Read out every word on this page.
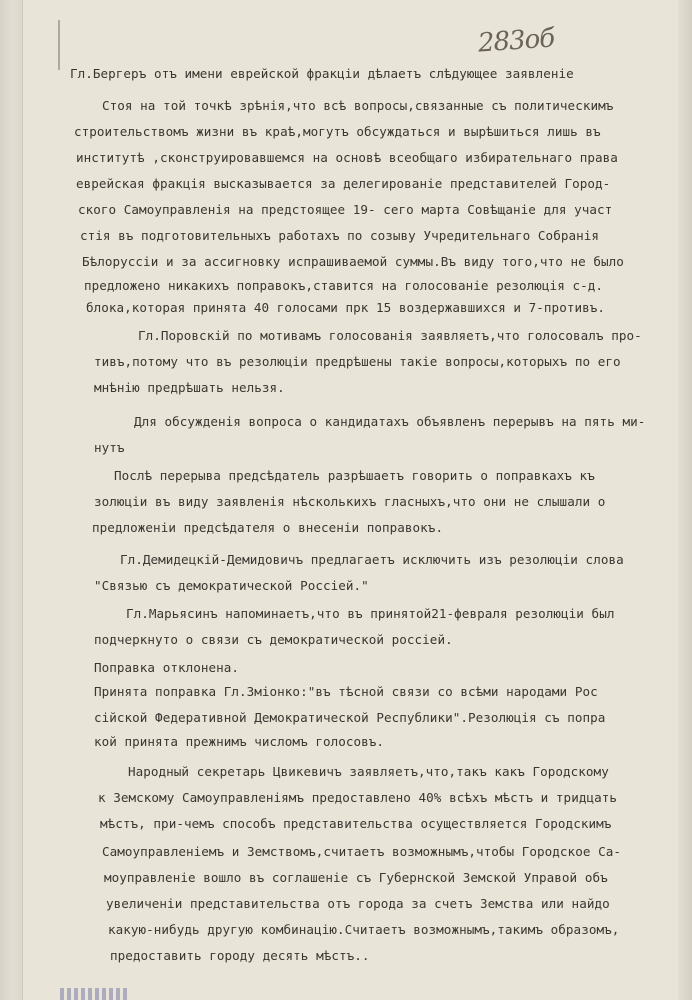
283об
Гл.Бергеръ отъ имени еврейской фракціи дѣлаетъ слѣдующее заявленіе
Стоя на той точкѣ зрѣнія,что всѣ вопросы,связанные съ политическимъ
строительствомъ жизни въ краѣ,могутъ обсуждаться и вырѣшиться лишь въ
институтѣ ,сконструировавшемся на основѣ всеобщаго избирательнаго права
еврейская фракція высказывается за делегированіе представителей Город-
ского Самоуправленія на предстоящее 19- сего марта Совѣщаніе для участ
стія въ подготовительныхъ работахъ по созыву Учредительнаго Собранія
Бѣлоруссіи и за ассигновку испрашиваемой суммы.Въ виду того,что не было
предложено никакихъ поправокъ,ставится на голосованіе резолюція с-д.
блока,которая принята 40 голосами прк 15 воздержавшихся и 7-противъ.
Гл.Поровскій по мотивамъ голосованія заявляетъ,что голосовалъ про-
тивъ,потому что въ резолюціи предрѣшены такіе вопросы,которыхъ по его
мнѣнію предрѣшать нельзя.
Для обсужденія вопроса о кандидатахъ объявленъ перерывъ на пять ми-
нутъ
Послѣ перерыва предсѣдатель разрѣшаетъ говорить о поправкахъ къ
золюціи въ виду заявленія нѣсколькихъ гласныхъ,что они не слышали о
предложеніи предсѣдателя о внесеніи поправокъ.
Гл.Демидецкій-Демидовичъ предлагаетъ исключить изъ резолюціи слова
"Связью съ демократической Россіей."
Гл.Марьясинъ напоминаетъ,что въ принятой21-февраля резолюціи был
подчеркнуто о связи съ демократической россіей.
Поправка отклонена.
Принята поправка Гл.Зміонко:"въ тѣсной связи со всѣми народами Рос
сійской Федеративной Демократической Республики".Резолюція съ попра
кой принята прежнимъ числомъ голосовъ.
Народный секретарь Цвикевичъ заявляетъ,что,такъ какъ Городскому
к Земскому Самоуправленіямъ предоставлено 40% всѣхъ мѣстъ и тридцать
мѣстъ, при-чемъ способъ представительства осуществляется Городскимъ
Самоуправленіемъ и Земствомъ,считаетъ возможнымъ,чтобы Городское Са-
моуправленіе вошло въ соглашеніе съ Губернской Земской Управой объ
увеличеніи представительства отъ города за счетъ Земства или найдо
какую-нибудь другую комбинацію.Считаетъ возможнымъ,такимъ образомъ,
предоставить городу десять мѣстъ..
